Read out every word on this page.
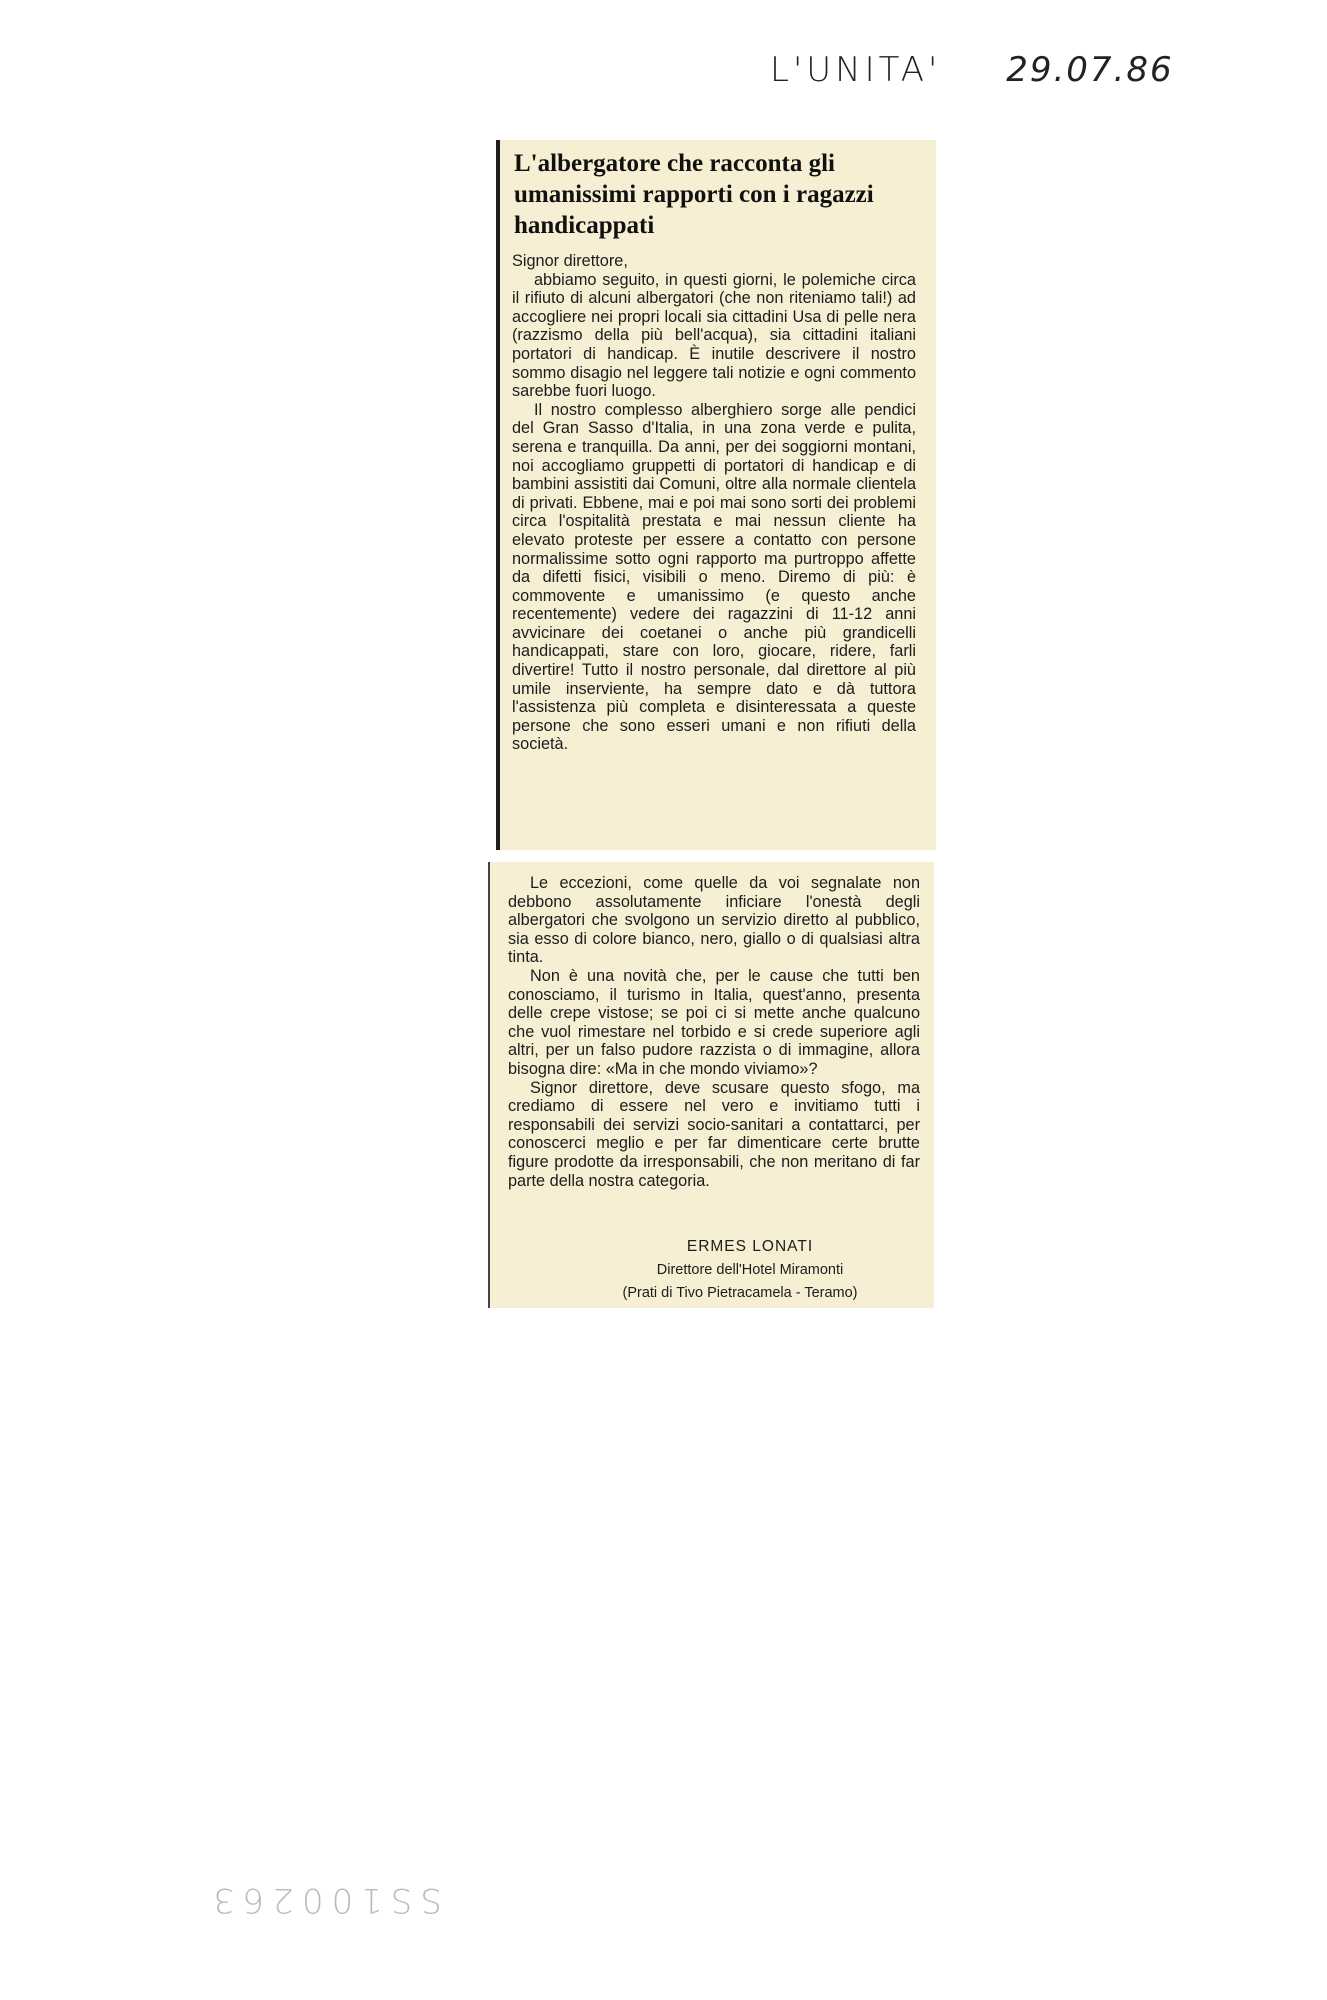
L'UNITA' 29.07.86
L'albergatore che racconta gli umanissimi rapporti con i ragazzi handicappati

Signor direttore,

abbiamo seguito, in questi giorni, le polemiche circa il rifiuto di alcuni albergatori (che non riteniamo tali!) ad accogliere nei propri locali sia cittadini Usa di pelle nera (razzismo della più bell'acqua), sia cittadini italiani portatori di handicap. È inutile descrivere il nostro sommo disagio nel leggere tali notizie e ogni commento sarebbe fuori luogo.

Il nostro complesso alberghiero sorge alle pendici del Gran Sasso d'Italia, in una zona verde e pulita, serena e tranquilla. Da anni, per dei soggiorni montani, noi accogliamo gruppetti di portatori di handicap e di bambini assistiti dai Comuni, oltre alla normale clientela di privati. Ebbene, mai e poi mai sono sorti dei problemi circa l'ospitalità prestata e mai nessun cliente ha elevato proteste per essere a contatto con persone normalissime sotto ogni rapporto ma purtroppo affette da difetti fisici, visibili o meno. Diremo di più: è commovente e umanissimo (e questo anche recentemente) vedere dei ragazzini di 11-12 anni avvicinare dei coetanei o anche più grandicelli handicappati, stare con loro, giocare, ridere, farli divertire! Tutto il nostro personale, dal direttore al più umile inserviente, ha sempre dato e dà tuttora l'assistenza più completa e disinteressata a queste persone che sono esseri umani e non rifiuti della società.

Le eccezioni, come quelle da voi segnalate non debbono assolutamente inficiare l'onestà degli albergatori che svolgono un servizio diretto al pubblico, sia esso di colore bianco, nero, giallo o di qualsiasi altra tinta.

Non è una novità che, per le cause che tutti ben conosciamo, il turismo in Italia, quest'anno, presenta delle crepe vistose; se poi ci si mette anche qualcuno che vuol rimestare nel torbido e si crede superiore agli altri, per un falso pudore razzista o di immagine, allora bisogna dire: «Ma in che mondo viviamo»?

Signor direttore, deve scusare questo sfogo, ma crediamo di essere nel vero e invitiamo tutti i responsabili dei servizi socio-sanitari a contattarci, per conoscerci meglio e per far dimenticare certe brutte figure prodotte da irresponsabili, che non meritano di far parte della nostra categoria.

ERMES LONATI
Direttore dell'Hotel Miramonti
(Prati di Tivo Pietracamela - Teramo)
SS100263
